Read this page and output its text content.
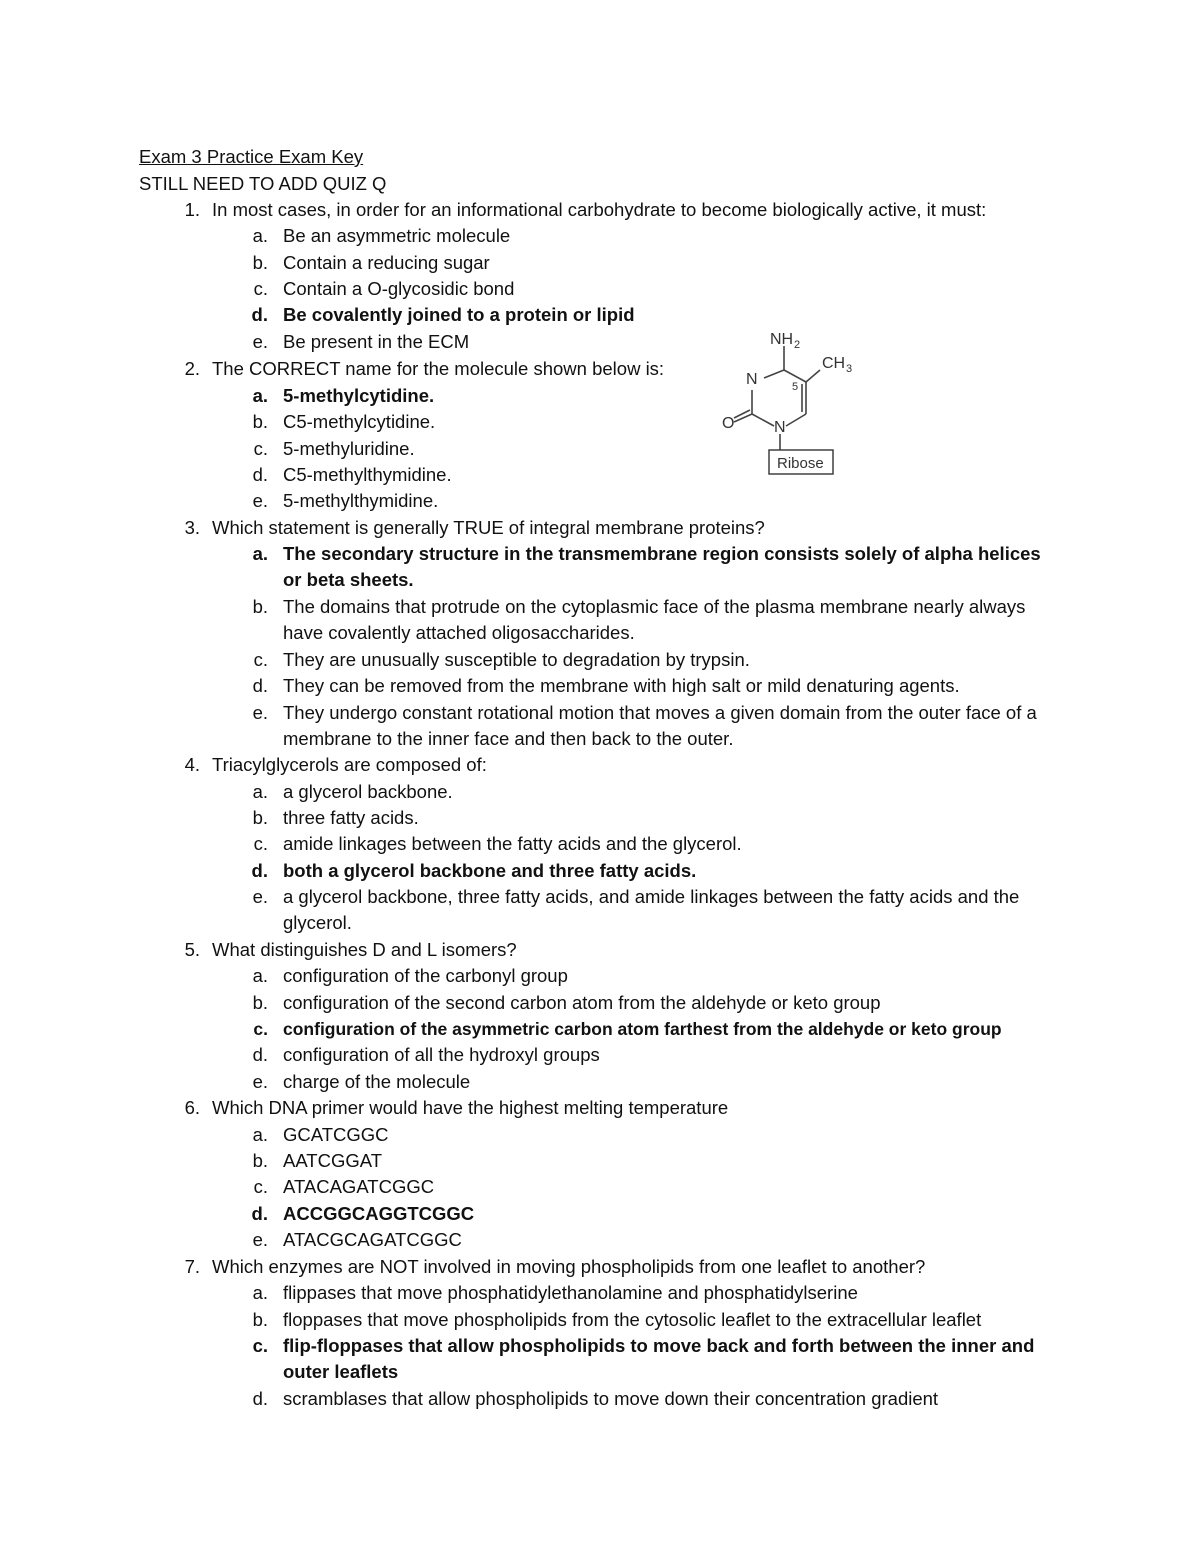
Exam 3 Practice Exam Key
STILL NEED TO ADD QUIZ Q
1. In most cases, in order for an informational carbohydrate to become biologically active, it must:
a. Be an asymmetric molecule
b. Contain a reducing sugar
c. Contain a O-glycosidic bond
d. Be covalently joined to a protein or lipid
e. Be present in the ECM
2. The CORRECT name for the molecule shown below is:
a. 5-methylcytidine.
b. C5-methylcytidine.
c. 5-methyluridine.
d. C5-methylthymidine.
e. 5-methylthymidine.
NH 2
CH 3
N	5
O N
Ribose
3. Which statement is generally TRUE of integral membrane proteins?
a. The secondary structure in the transmembrane region consists solely of alpha helices or beta sheets.
b. The domains that protrude on the cytoplasmic face of the plasma membrane nearly always have covalently attached oligosaccharides.
c. They are unusually susceptible to degradation by trypsin.
d. They can be removed from the membrane with high salt or mild denaturing agents.
e. They undergo constant rotational motion that moves a given domain from the outer face of a membrane to the inner face and then back to the outer.
4. Triacylglycerols are composed of:
a. a glycerol backbone.
b. three fatty acids.
c. amide linkages between the fatty acids and the glycerol.
d. both a glycerol backbone and three fatty acids.
e. a glycerol backbone, three fatty acids, and amide linkages between the fatty acids and the glycerol.
5. What distinguishes D and L isomers?
a. configuration of the carbonyl group
b. configuration of the second carbon atom from the aldehyde or keto group
c. configuration of the asymmetric carbon atom farthest from the aldehyde or keto group
d. configuration of all the hydroxyl groups
e. charge of the molecule
6. Which DNA primer would have the highest melting temperature
a. GCATCGGC
b. AATCGGAT
c. ATACAGATCGGC
d. ACCGGCAGGTCGGC
e. ATACGCAGATCGGC
7. Which enzymes are NOT involved in moving phospholipids from one leaflet to another?
a. flippases that move phosphatidylethanolamine and phosphatidylserine
b. floppases that move phospholipids from the cytosolic leaflet to the extracellular leaflet
c. flip-floppases that allow phospholipids to move back and forth between the inner and outer leaflets
d. scramblases that allow phospholipids to move down their concentration gradient
